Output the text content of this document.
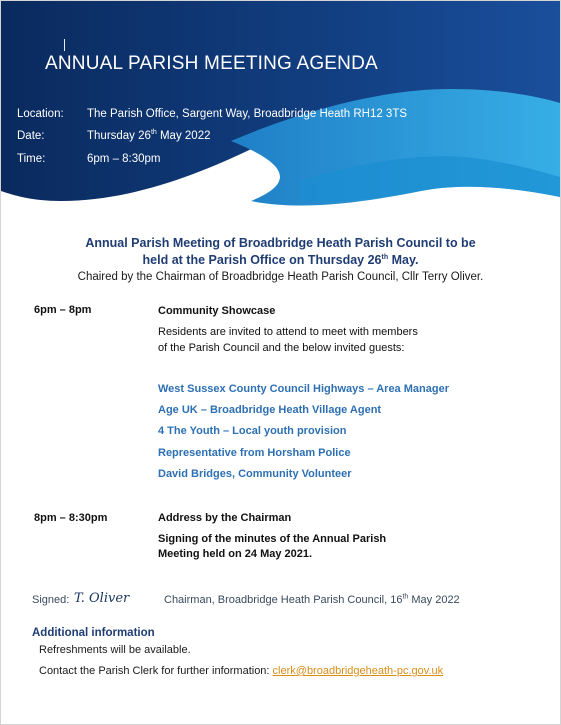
ANNUAL PARISH MEETING AGENDA
Location: The Parish Office, Sargent Way, Broadbridge Heath RH12 3TS
Date:	Thursday 26th May 2022
Time:	6pm – 8:30pm
Annual Parish Meeting of Broadbridge Heath Parish Council to be
held at the Parish Office on Thursday 26th May.
Chaired by the Chairman of Broadbridge Heath Parish Council, Cllr Terry Oliver.
6pm – 8pm	Community Showcase
Residents are invited to attend to meet with members
of the Parish Council and the below invited guests:
West Sussex County Council Highways – Area Manager
Age UK – Broadbridge Heath Village Agent
4 The Youth – Local youth provision
Representative from Horsham Police
David Bridges, Community Volunteer
8pm – 8:30pm	Address by the Chairman
Signing of the minutes of the Annual Parish
Meeting held on 24 May 2021.
Signed: T. Oliver	Chairman, Broadbridge Heath Parish Council, 16th May 2022
Additional information
Refreshments will be available.
Contact the Parish Clerk for further information: clerk@broadbridgeheath-pc.gov.uk
